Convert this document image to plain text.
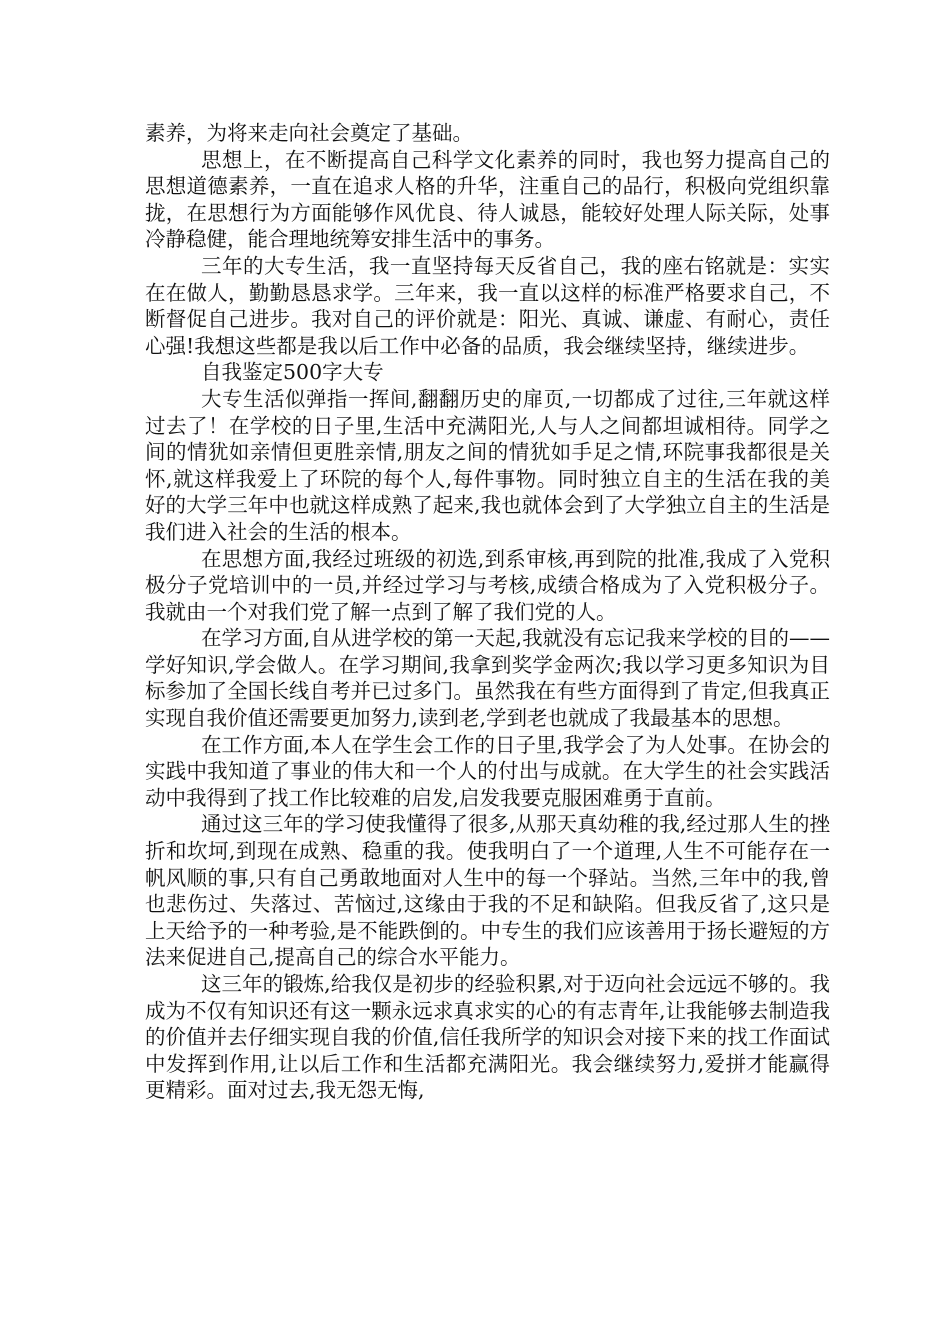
素养，为将来走向社会奠定了基础。

思想上，在不断提高自己科学文化素养的同时，我也努力提高自己的思想道德素养，一直在追求人格的升华，注重自己的品行，积极向党组织靠拢，在思想行为方面能够作风优良、待人诚恳，能较好处理人际关际，处事冷静稳健，能合理地统筹安排生活中的事务。

三年的大专生活，我一直坚持每天反省自己，我的座右铭就是：实实在在做人，勤勤恳恳求学。三年来，我一直以这样的标准严格要求自己，不断督促自己进步。我对自己的评价就是：阳光、真诚、谦虚、有耐心，责任心强!我想这些都是我以后工作中必备的品质，我会继续坚持，继续进步。

自我鉴定500字大专

大专生活似弹指一挥间,翻翻历史的扉页,一切都成了过往,三年就这样过去了！在学校的日子里,生活中充满阳光,人与人之间都坦诚相待。同学之间的情犹如亲情但更胜亲情,朋友之间的情犹如手足之情,环院事我都很是关怀,就这样我爱上了环院的每个人,每件事物。同时独立自主的生活在我的美好的大学三年中也就这样成熟了起来,我也就体会到了大学独立自主的生活是我们进入社会的生活的根本。

在思想方面,我经过班级的初选,到系审核,再到院的批准,我成了入党积极分子党培训中的一员,并经过学习与考核,成绩合格成为了入党积极分子。我就由一个对我们党了解一点到了解了我们党的人。

在学习方面,自从进学校的第一天起,我就没有忘记我来学校的目的——学好知识,学会做人。在学习期间,我拿到奖学金两次;我以学习更多知识为目标参加了全国长线自考并已过多门。虽然我在有些方面得到了肯定,但我真正实现自我价值还需要更加努力,读到老,学到老也就成了我最基本的思想。

在工作方面,本人在学生会工作的日子里,我学会了为人处事。在协会的实践中我知道了事业的伟大和一个人的付出与成就。在大学生的社会实践活动中我得到了找工作比较难的启发,启发我要克服困难勇于直前。

通过这三年的学习使我懂得了很多,从那天真幼稚的我,经过那人生的挫折和坎坷,到现在成熟、稳重的我。使我明白了一个道理,人生不可能存在一帆风顺的事,只有自己勇敢地面对人生中的每一个驿站。当然,三年中的我,曾也悲伤过、失落过、苦恼过,这缘由于我的不足和缺陷。但我反省了,这只是上天给予的一种考验,是不能跌倒的。中专生的我们应该善用于扬长避短的方法来促进自己,提高自己的综合水平能力。

这三年的锻炼,给我仅是初步的经验积累,对于迈向社会远远不够的。我成为不仅有知识还有这一颗永远求真求实的心的有志青年,让我能够去制造我的价值并去仔细实现自我的价值,信任我所学的知识会对接下来的找工作面试中发挥到作用,让以后工作和生活都充满阳光。我会继续努力,爱拼才能赢得更精彩。面对过去,我无怨无悔,
